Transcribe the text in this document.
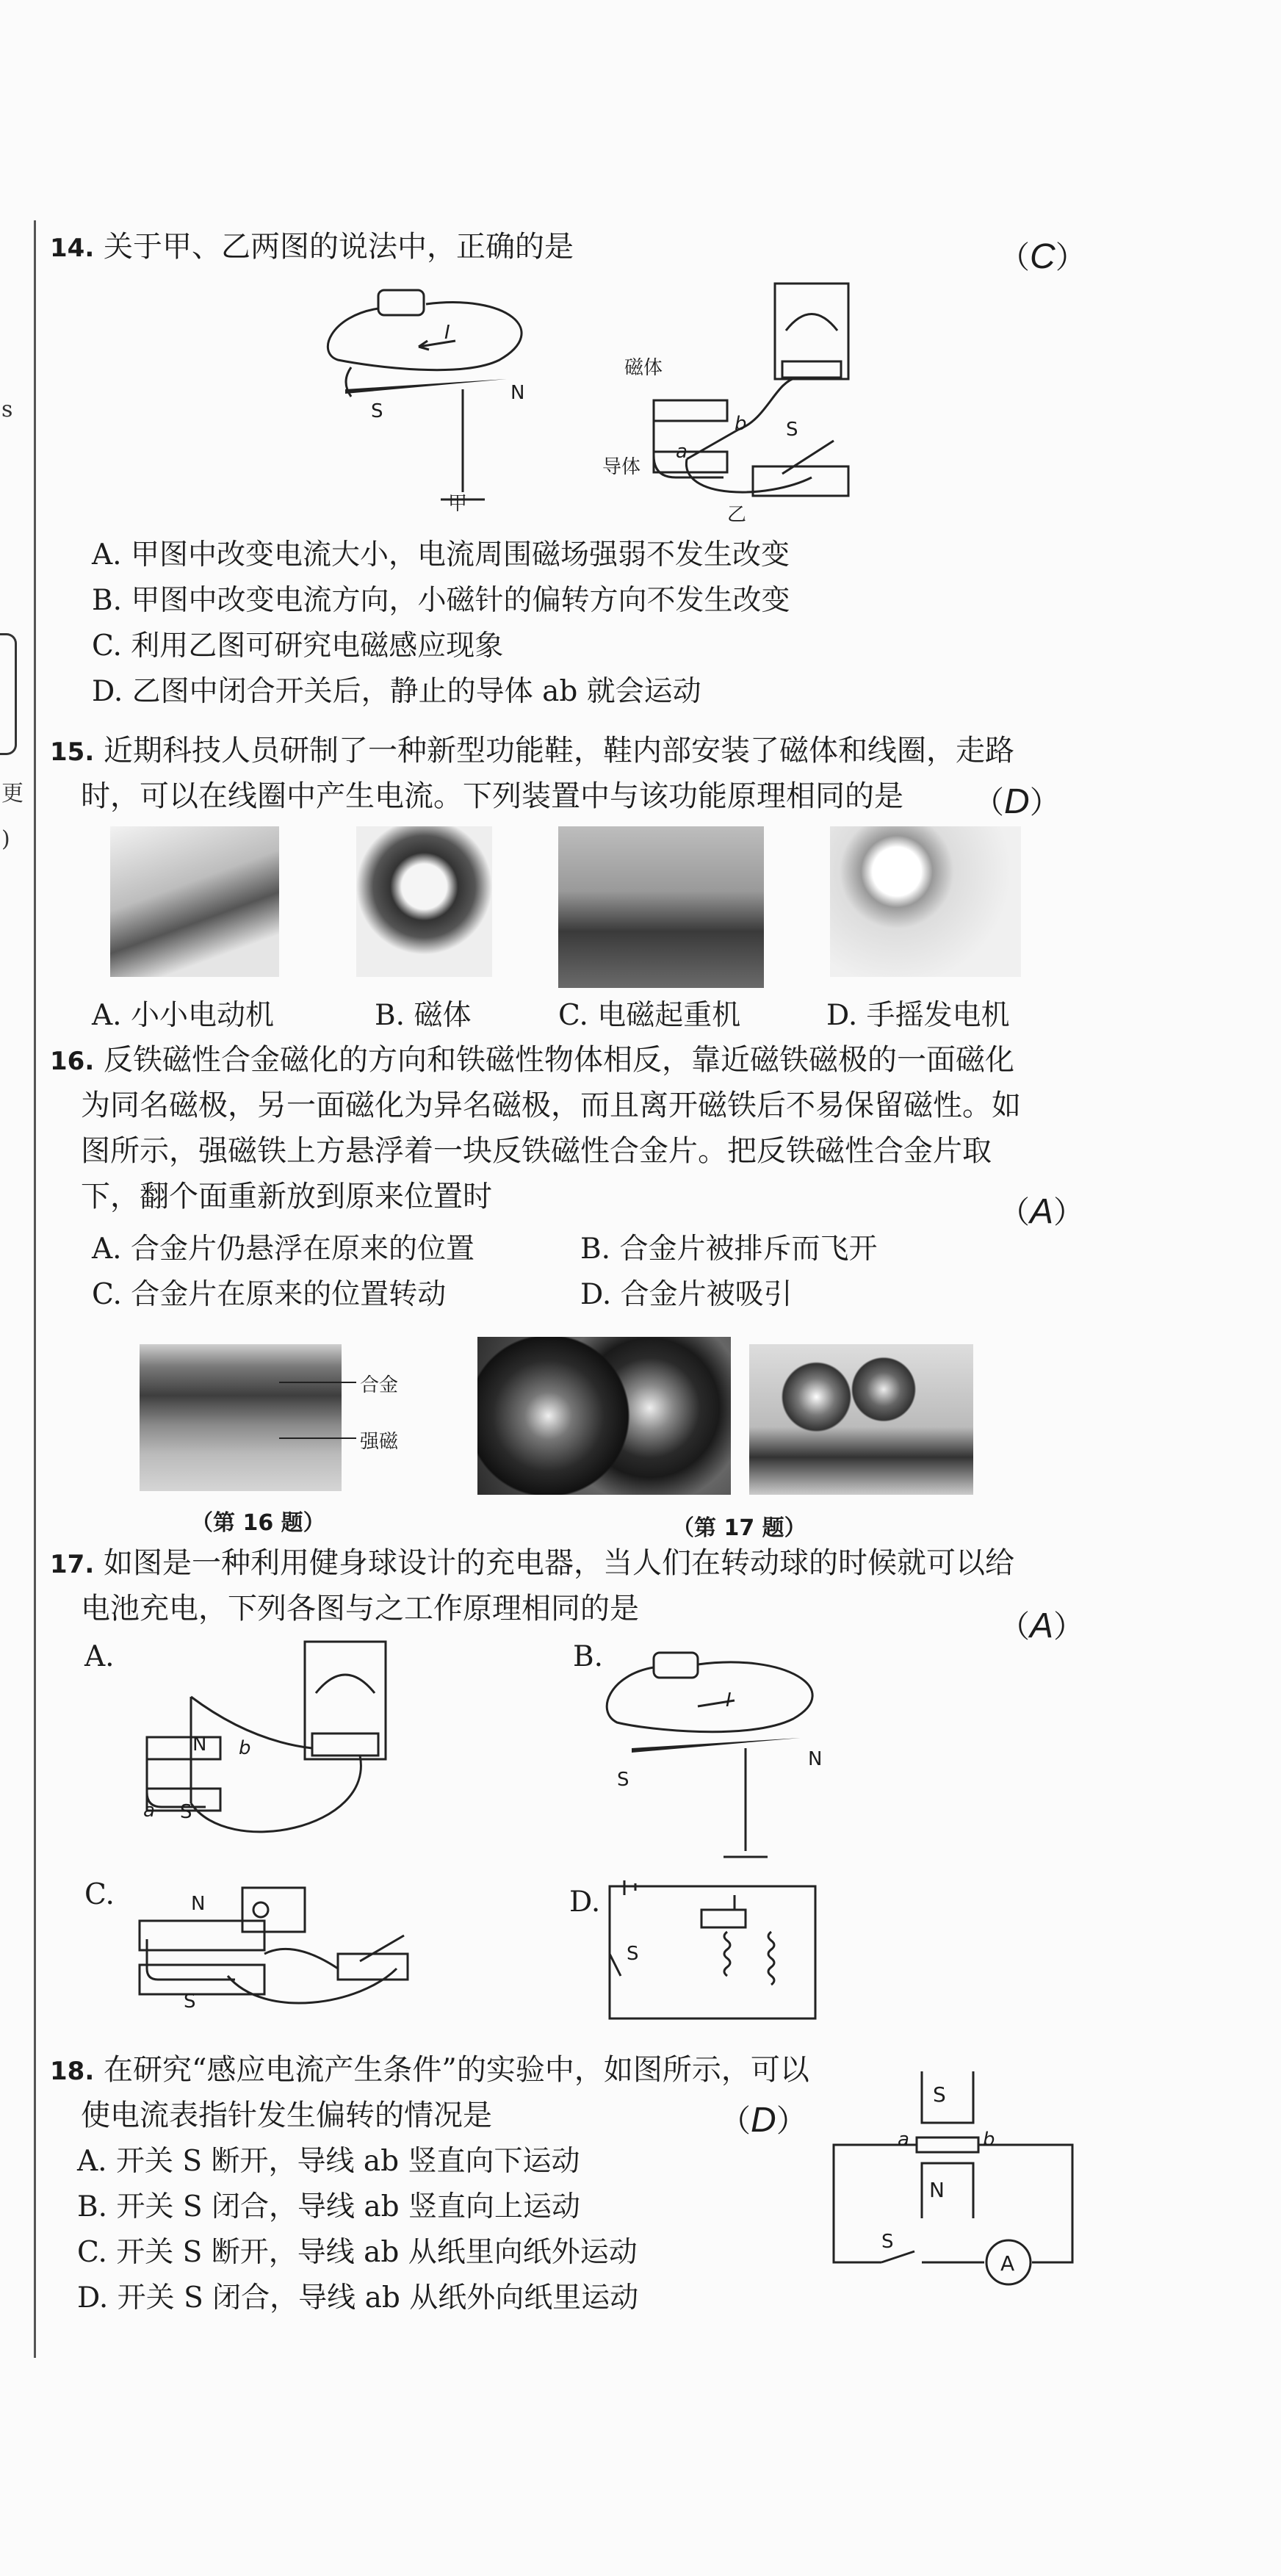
s
更
)
14. 关于甲、乙两图的说法中，正确的是	（C）
I
S
N
甲
磁体
导体
a
b S
乙
A. 甲图中改变电流大小，电流周围磁场强弱不发生改变
B. 甲图中改变电流方向，小磁针的偏转方向不发生改变
C. 利用乙图可研究电磁感应现象
D. 乙图中闭合开关后，静止的导体 ab 就会运动
15. 近期科技人员研制了一种新型功能鞋，鞋内部安装了磁体和线圈，走路
时，可以在线圈中产生电流。下列装置中与该功能原理相同的是 （D）
A. 小小电动机	B. 磁体	C. 电磁起重机	D. 手摇发电机
16. 反铁磁性合金磁化的方向和铁磁性物体相反，靠近磁铁磁极的一面磁化
为同名磁极，另一面磁化为异名磁极，而且离开磁铁后不易保留磁性。如
图所示，强磁铁上方悬浮着一块反铁磁性合金片。把反铁磁性合金片取
下，翻个面重新放到原来位置时	（A）
A. 合金片仍悬浮在原来的位置	B. 合金片被排斥而飞开
C. 合金片在原来的位置转动	D. 合金片被吸引
合金
强磁
（第 16 题）	（第 17 题）
17. 如图是一种利用健身球设计的充电器，当人们在转动球的时候就可以给
电池充电，下列各图与之工作原理相同的是	（A）
A.
N
S
a
b
B.
I
S
N
C.	N
S
D.
S
18. 在研究“感应电流产生条件”的实验中，如图所示，可以
使电流表指针发生偏转的情况是	（D）
A. 开关 S 断开，导线 ab 竖直向下运动
B. 开关 S 闭合，导线 ab 竖直向上运动
C. 开关 S 断开，导线 ab 从纸里向纸外运动
D. 开关 S 闭合，导线 ab 从纸外向纸里运动
S
N
a	b
S
A
